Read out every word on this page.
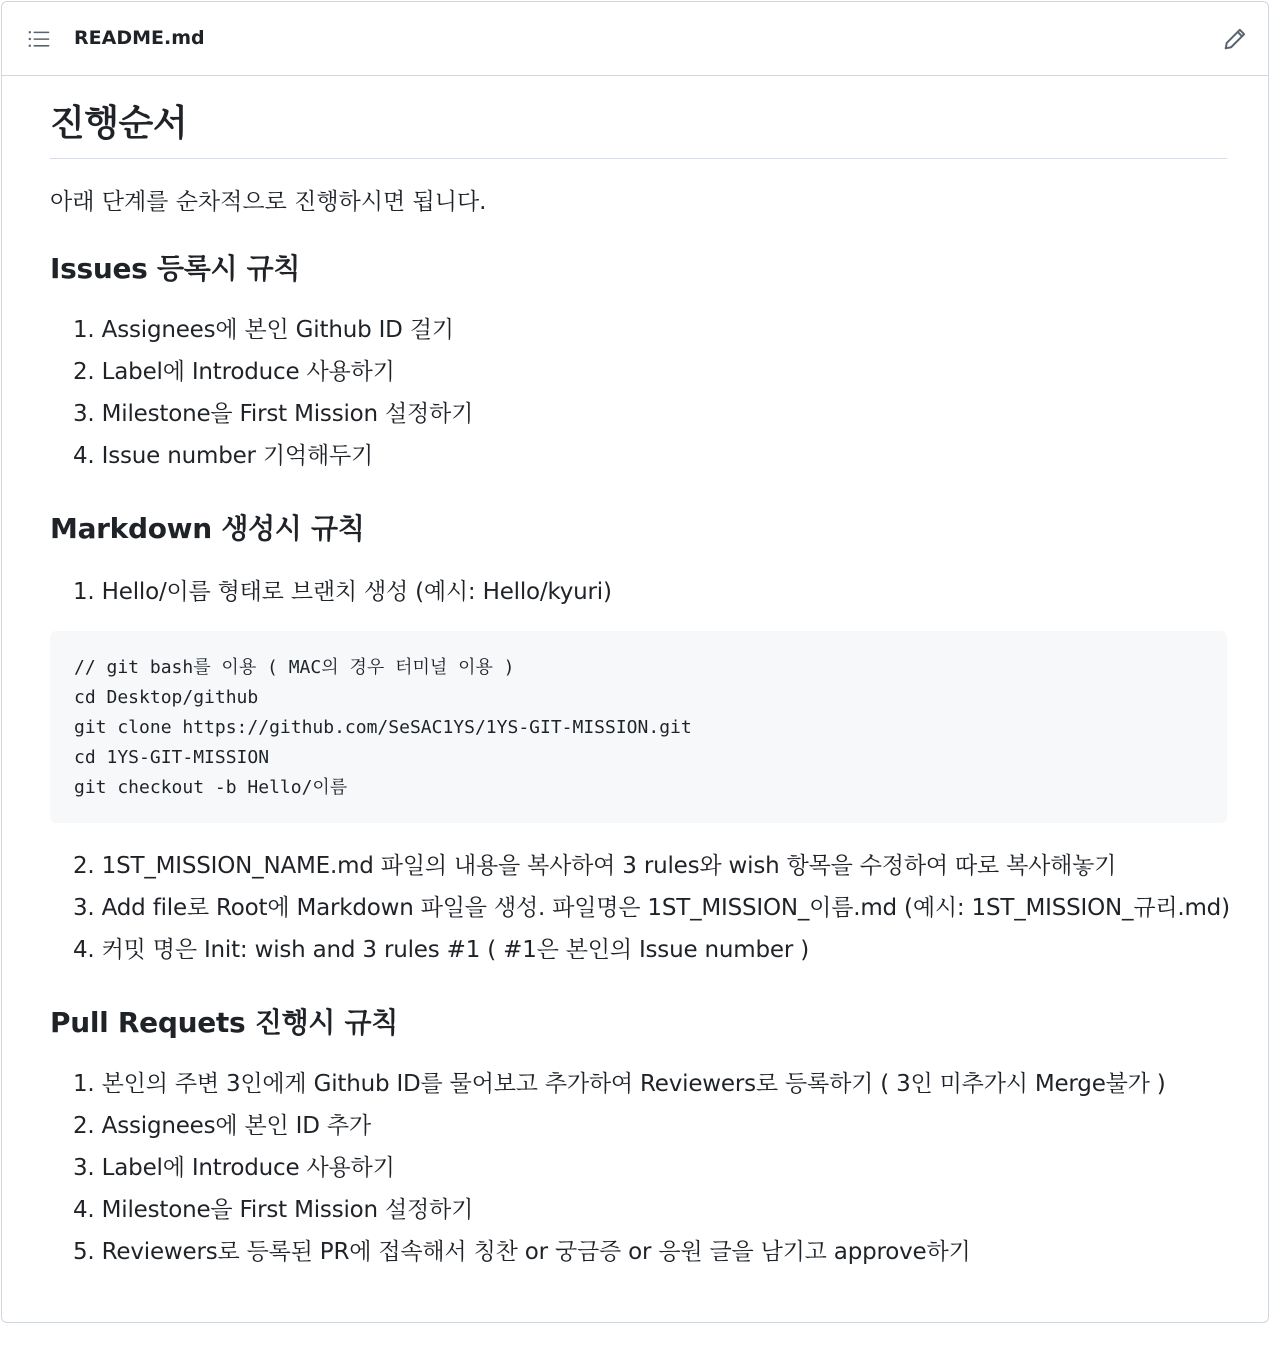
README.md
진행순서

아래 단계를 순차적으로 진행하시면 됩니다.

Issues 등록시 규칙
1. Assignees에 본인 Github ID 걸기
2. Label에 Introduce 사용하기
3. Milestone을 First Mission 설정하기
4. Issue number 기억해두기
Markdown 생성시 규칙
1. Hello/이름 형태로 브랜치 생성 (예시: Hello/kyuri)
// git bash를 이용 ( MAC의 경우 터미널 이용 )
cd Desktop/github
git clone https://github.com/SeSAC1YS/1YS-GIT-MISSION.git
cd 1YS-GIT-MISSION
git checkout -b Hello/이름
2. 1ST_MISSION_NAME.md 파일의 내용을 복사하여 3 rules와 wish 항목을 수정하여 따로 복사해놓기
3. Add file로 Root에 Markdown 파일을 생성. 파일명은 1ST_MISSION_이름.md (예시: 1ST_MISSION_규리.md)
4. 커밋 명은 Init: wish and 3 rules #1 ( #1은 본인의 Issue number )
Pull Requets 진행시 규칙
1. 본인의 주변 3인에게 Github ID를 물어보고 추가하여 Reviewers로 등록하기 ( 3인 미추가시 Merge불가 )
2. Assignees에 본인 ID 추가
3. Label에 Introduce 사용하기
4. Milestone을 First Mission 설정하기
5. Reviewers로 등록된 PR에 접속해서 칭찬 or 궁금증 or 응원 글을 남기고 approve하기
